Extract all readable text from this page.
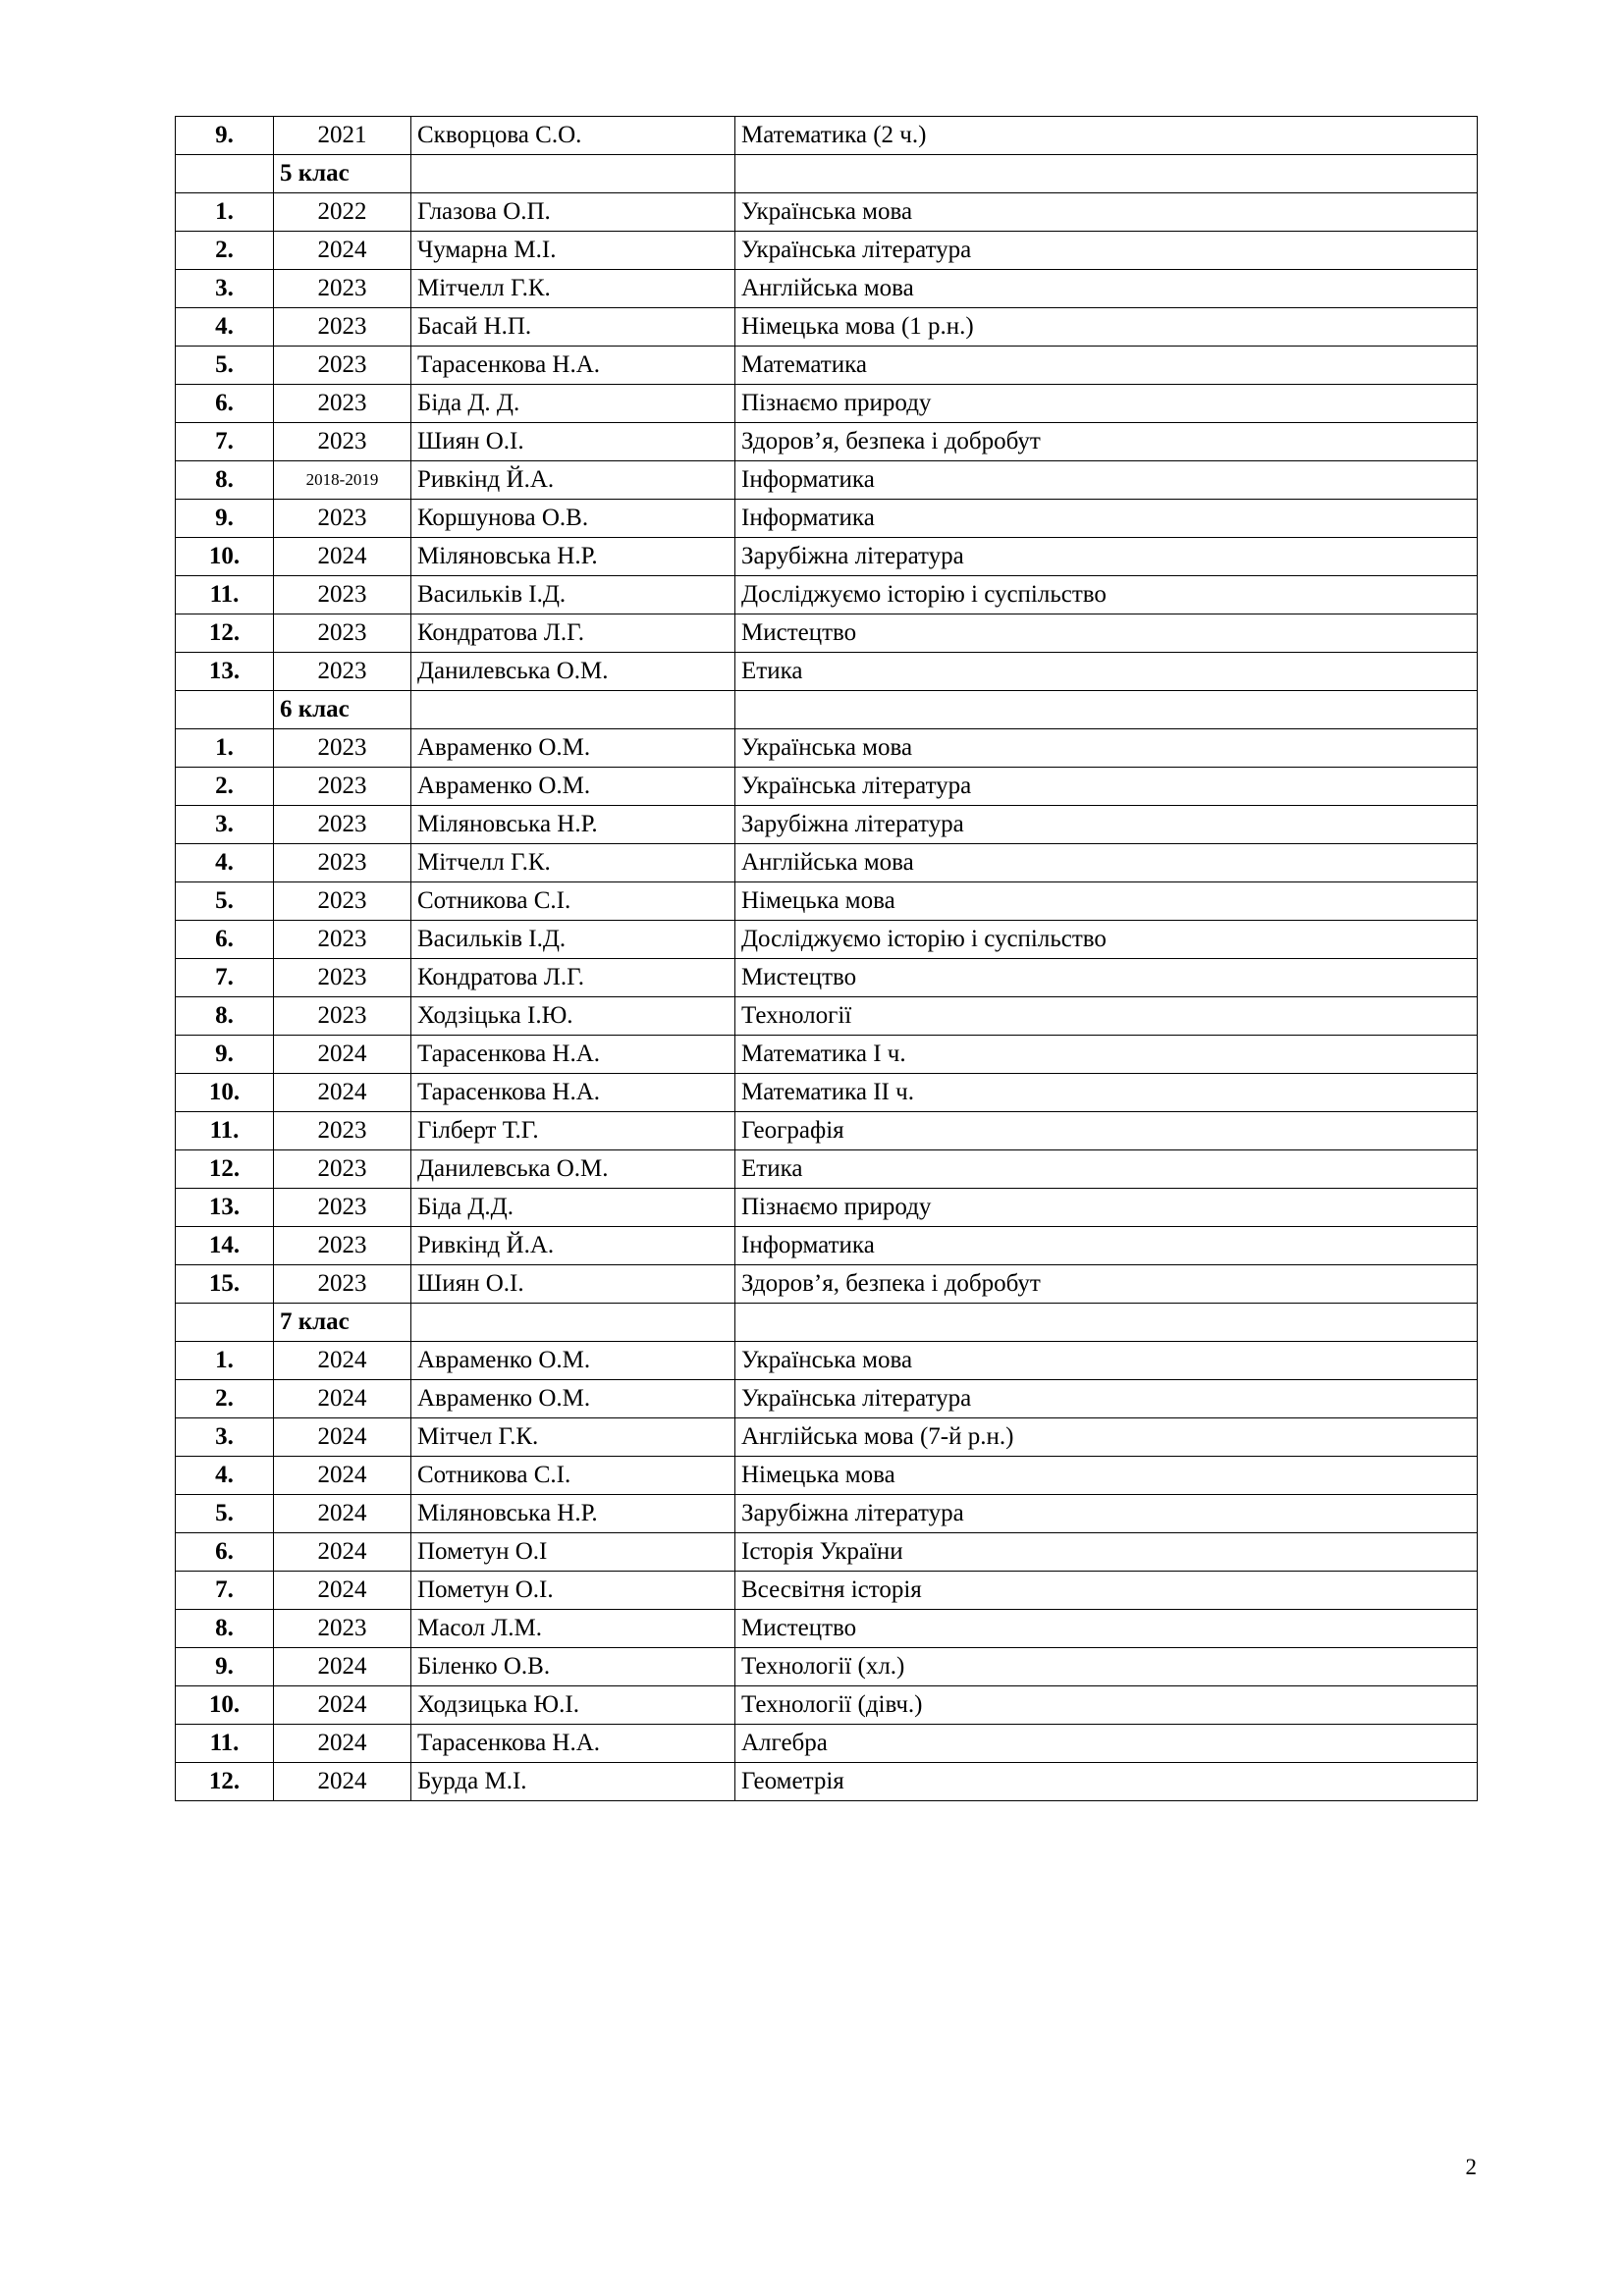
9.	2021	Скворцова С.О.	Математика (2 ч.)
	5 клас		
1.	2022	Глазова О.П.	Українська мова
2.	2024	Чумарна М.І.	Українська література
3.	2023	Мітчелл Г.К.	Англійська мова
4.	2023	Басай Н.П.	Німецька мова (1 р.н.)
5.	2023	Тарасенкова Н.А.	Математика
6.	2023	Біда Д. Д.	Пізнаємо природу
7.	2023	Шиян О.І.	Здоров’я, безпека і добробут
8.	2018-2019	Ривкінд Й.А.	Інформатика
9.	2023	Коршунова О.В.	Інформатика
10.	2024	Міляновська Н.Р.	Зарубіжна література
11.	2023	Васильків І.Д.	Досліджуємо історію і суспільство
12.	2023	Кондратова Л.Г.	Мистецтво
13.	2023	Данилевська О.М.	Етика
	6 клас		
1.	2023	Авраменко О.М.	Українська мова
2.	2023	Авраменко О.М.	Українська література
3.	2023	Міляновська Н.Р.	Зарубіжна література
4.	2023	Мітчелл Г.К.	Англійська мова
5.	2023	Сотникова С.І.	Німецька мова
6.	2023	Васильків І.Д.	Досліджуємо історію і суспільство
7.	2023	Кондратова Л.Г.	Мистецтво
8.	2023	Ходзіцька І.Ю.	Технології
9.	2024	Тарасенкова Н.А.	Математика І ч.
10.	2024	Тарасенкова Н.А.	Математика ІІ ч.
11.	2023	Гілберт Т.Г.	Географія
12.	2023	Данилевська О.М.	Етика
13.	2023	Біда Д.Д.	Пізнаємо природу
14.	2023	Ривкінд Й.А.	Інформатика
15.	2023	Шиян О.І.	Здоров’я, безпека і добробут
	7 клас		
1.	2024	Авраменко О.М.	Українська мова
2.	2024	Авраменко О.М.	Українська література
3.	2024	Мітчел Г.К.	Англійська мова (7-й р.н.)
4.	2024	Сотникова С.І.	Німецька мова
5.	2024	Міляновська Н.Р.	Зарубіжна література
6.	2024	Пометун О.І	Історія України
7.	2024	Пометун О.І.	Всесвітня історія
8.	2023	Масол Л.М.	Мистецтво
9.	2024	Біленко О.В.	Технології (хл.)
10.	2024	Ходзицька Ю.І.	Технології (дівч.)
11.	2024	Тарасенкова Н.А.	Алгебра
12.	2024	Бурда М.І.	Геометрія
2
